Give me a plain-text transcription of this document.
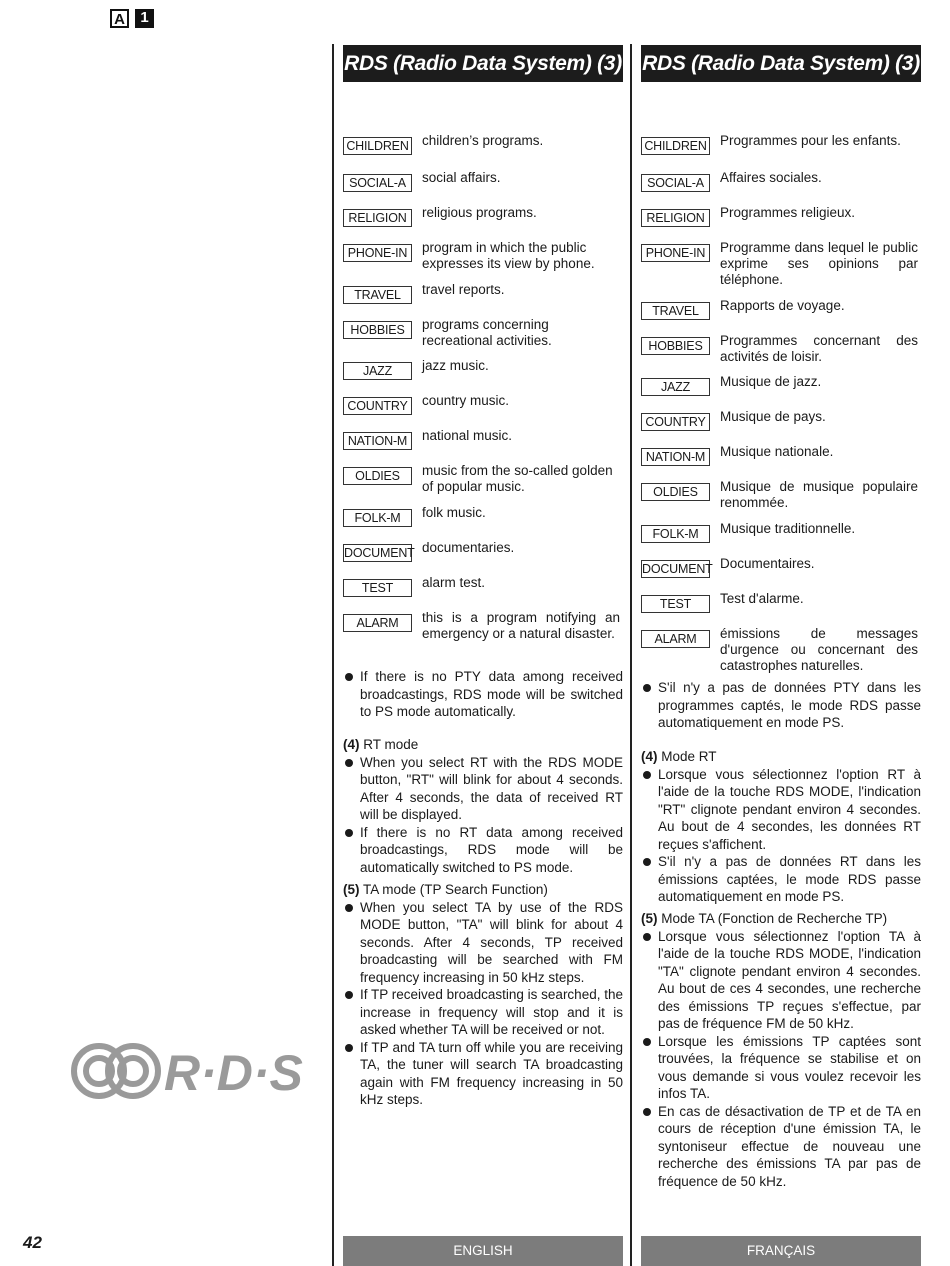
A	1
R·D·S
42
RDS (Radio Data System) (3)
CHILDREN children’s programs.
SOCIAL-A	social affairs.
RELIGION	religious programs.
PHONE-IN	program in which the public expresses its view by phone.
TRAVEL	travel reports.
HOBBIES	programs concerning recreational activities.
JAZZ	jazz music.
COUNTRY	country music.
NATION-M	national music.
OLDIES	music from the so-called golden of popular music.
FOLK-M	folk music.
DOCUMENT documentaries.
TEST	alarm test.
ALARM	this is a program notifying an emergency or a natural disaster.
If there is no PTY data among received broadcastings, RDS mode will be switched to PS mode automatically.
(4) RT mode
When you select RT with the RDS MODE button, "RT" will blink for about 4 seconds. After 4 seconds, the data of received RT will be displayed.
If there is no RT data among received broadcastings, RDS mode will be automatically switched to PS mode.
(5) TA mode (TP Search Function)
When you select TA by use of the RDS MODE button, "TA" will blink for about 4 seconds. After 4 seconds, TP received broadcasting will be searched with FM frequency increasing in 50 kHz steps.
If TP received broadcasting is searched, the increase in frequency will stop and it is asked whether TA will be received or not.
If TP and TA turn off while you are receiving TA, the tuner will search TA broadcasting again with FM frequency increasing in 50 kHz steps.
ENGLISH
RDS (Radio Data System) (3)
CHILDREN Programmes pour les enfants.
SOCIAL-A	Affaires sociales.
RELIGION	Programmes religieux.
PHONE-IN	Programme dans lequel le public exprime ses opinions par téléphone.
TRAVEL	Rapports de voyage.
HOBBIES	Programmes concernant des activités de loisir.
JAZZ	Musique de jazz.
COUNTRY	Musique de pays.
NATION-M	Musique nationale.
OLDIES	Musique de musique populaire renommée.
FOLK-M	Musique traditionnelle.
DOCUMENT Documentaires.
TEST	Test d'alarme.
ALARM	émissions de messages d'urgence ou concernant des catastrophes naturelles.
S'il n'y a pas de données PTY dans les programmes captés, le mode RDS passe automatiquement en mode PS.
(4) Mode RT
Lorsque vous sélectionnez l'option RT à l'aide de la touche RDS MODE, l'indication "RT" clignote pendant environ 4 secondes. Au bout de 4 secondes, les données RT reçues s'affichent.
S'il n'y a pas de données RT dans les émissions captées, le mode RDS passe automatiquement en mode PS.
(5) Mode TA (Fonction de Recherche TP)
Lorsque vous sélectionnez l'option TA à l'aide de la touche RDS MODE, l'indication "TA" clignote pendant environ 4 secondes. Au bout de ces 4 secondes, une recherche des émissions TP reçues s'effectue, par pas de fréquence FM de 50 kHz.
Lorsque les émissions TP captées sont trouvées, la fréquence se stabilise et on vous demande si vous voulez recevoir les infos TA.
En cas de désactivation de TP et de TA en cours de réception d'une émission TA, le syntoniseur effectue de nouveau une recherche des émissions TA par pas de fréquence de 50 kHz.
FRANÇAIS
